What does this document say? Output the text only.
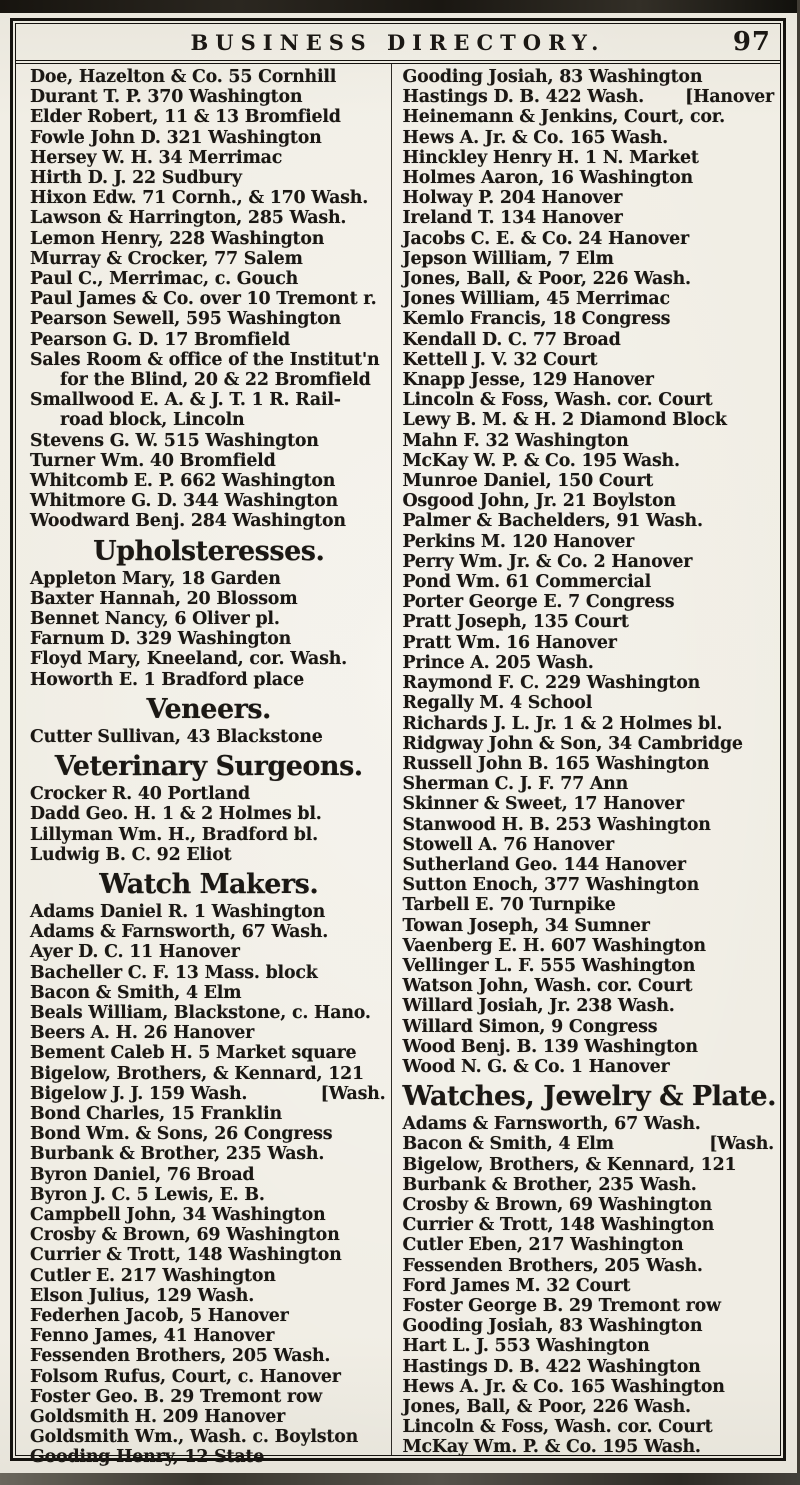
BUSINESS DIRECTORY.	97
Doe, Hazelton & Co. 55 Cornhill
Durant T. P. 370 Washington
Elder Robert, 11 & 13 Bromfield
Fowle John D. 321 Washington
Hersey W. H. 34 Merrimac
Hirth D. J. 22 Sudbury
Hixon Edw. 71 Cornh., & 170 Wash.
Lawson & Harrington, 285 Wash.
Lemon Henry, 228 Washington
Murray & Crocker, 77 Salem
Paul C., Merrimac, c. Gouch
Paul James & Co. over 10 Tremont r.
Pearson Sewell, 595 Washington
Pearson G. D. 17 Bromfield
Sales Room & office of the Institut'n
for the Blind, 20 & 22 Bromfield
Smallwood E. A. & J. T. 1 R. Rail-
road block, Lincoln
Stevens G. W. 515 Washington
Turner Wm. 40 Bromfield
Whitcomb E. P. 662 Washington
Whitmore G. D. 344 Washington
Woodward Benj. 284 Washington
Upholsteresses.
Appleton Mary, 18 Garden
Baxter Hannah, 20 Blossom
Bennet Nancy, 6 Oliver pl.
Farnum D. 329 Washington
Floyd Mary, Kneeland, cor. Wash.
Howorth E. 1 Bradford place
Veneers.
Cutter Sullivan, 43 Blackstone
Veterinary Surgeons.
Crocker R. 40 Portland
Dadd Geo. H. 1 & 2 Holmes bl.
Lillyman Wm. H., Bradford bl.
Ludwig B. C. 92 Eliot
Watch Makers.
Adams Daniel R. 1 Washington
Adams & Farnsworth, 67 Wash.
Ayer D. C. 11 Hanover
Bacheller C. F. 13 Mass. block
Bacon & Smith, 4 Elm
Beals William, Blackstone, c. Hano.
Beers A. H. 26 Hanover
Bement Caleb H. 5 Market square
Bigelow, Brothers, & Kennard, 121
Bigelow J. J. 159 Wash.	[Wash.
Bond Charles, 15 Franklin
Bond Wm. & Sons, 26 Congress
Burbank & Brother, 235 Wash.
Byron Daniel, 76 Broad
Byron J. C. 5 Lewis, E. B.
Campbell John, 34 Washington
Crosby & Brown, 69 Washington
Currier & Trott, 148 Washington
Cutler E. 217 Washington
Elson Julius, 129 Wash.
Federhen Jacob, 5 Hanover
Fenno James, 41 Hanover
Fessenden Brothers, 205 Wash.
Folsom Rufus, Court, c. Hanover
Foster Geo. B. 29 Tremont row
Goldsmith H. 209 Hanover
Goldsmith Wm., Wash. c. Boylston
Gooding Henry, 12 State
Gooding Josiah, 83 Washington
Hastings D. B. 422 Wash. [Hanover
Heinemann & Jenkins, Court, cor.
Hews A. Jr. & Co. 165 Wash.
Hinckley Henry H. 1 N. Market
Holmes Aaron, 16 Washington
Holway P. 204 Hanover
Ireland T. 134 Hanover
Jacobs C. E. & Co. 24 Hanover
Jepson William, 7 Elm
Jones, Ball, & Poor, 226 Wash.
Jones William, 45 Merrimac
Kemlo Francis, 18 Congress
Kendall D. C. 77 Broad
Kettell J. V. 32 Court
Knapp Jesse, 129 Hanover
Lincoln & Foss, Wash. cor. Court
Lewy B. M. & H. 2 Diamond Block
Mahn F. 32 Washington
McKay W. P. & Co. 195 Wash.
Munroe Daniel, 150 Court
Osgood John, Jr. 21 Boylston
Palmer & Bachelders, 91 Wash.
Perkins M. 120 Hanover
Perry Wm. Jr. & Co. 2 Hanover
Pond Wm. 61 Commercial
Porter George E. 7 Congress
Pratt Joseph, 135 Court
Pratt Wm. 16 Hanover
Prince A. 205 Wash.
Raymond F. C. 229 Washington
Regally M. 4 School
Richards J. L. Jr. 1 & 2 Holmes bl.
Ridgway John & Son, 34 Cambridge
Russell John B. 165 Washington
Sherman C. J. F. 77 Ann
Skinner & Sweet, 17 Hanover
Stanwood H. B. 253 Washington
Stowell A. 76 Hanover
Sutherland Geo. 144 Hanover
Sutton Enoch, 377 Washington
Tarbell E. 70 Turnpike
Towan Joseph, 34 Sumner
Vaenberg E. H. 607 Washington
Vellinger L. F. 555 Washington
Watson John, Wash. cor. Court
Willard Josiah, Jr. 238 Wash.
Willard Simon, 9 Congress
Wood Benj. B. 139 Washington
Wood N. G. & Co. 1 Hanover
Watches, Jewelry & Plate.
Adams & Farnsworth, 67 Wash.
Bacon & Smith, 4 Elm	[Wash.
Bigelow, Brothers, & Kennard, 121
Burbank & Brother, 235 Wash.
Crosby & Brown, 69 Washington
Currier & Trott, 148 Washington
Cutler Eben, 217 Washington
Fessenden Brothers, 205 Wash.
Ford James M. 32 Court
Foster George B. 29 Tremont row
Gooding Josiah, 83 Washington
Hart L. J. 553 Washington
Hastings D. B. 422 Washington
Hews A. Jr. & Co. 165 Washington
Jones, Ball, & Poor, 226 Wash.
Lincoln & Foss, Wash. cor. Court
McKay Wm. P. & Co. 195 Wash.
